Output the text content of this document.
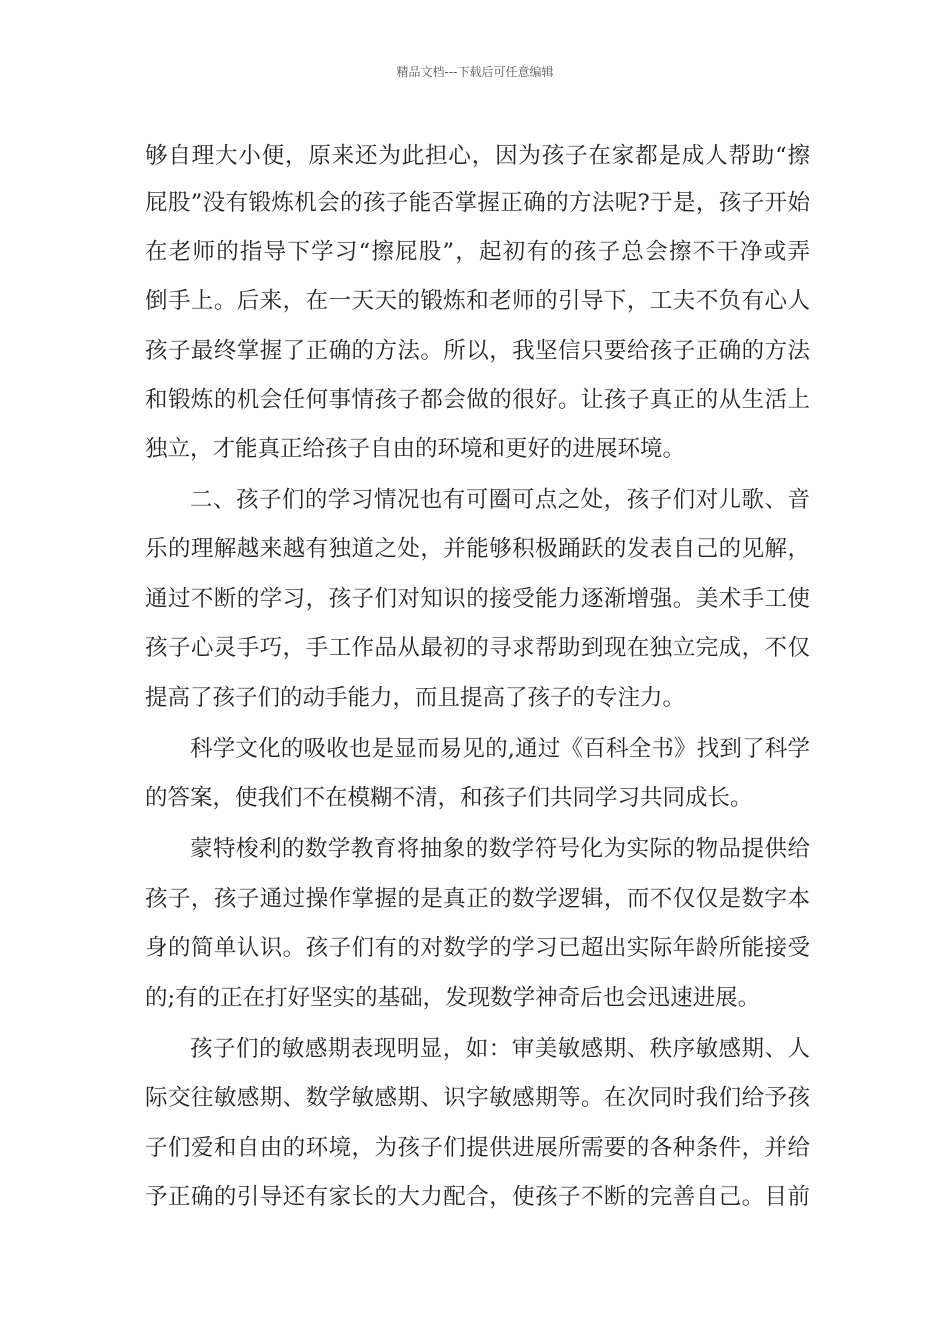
精品文档---下载后可任意编辑
够自理大小便，原来还为此担心，因为孩子在家都是成人帮助“擦
屁股”没有锻炼机会的孩子能否掌握正确的方法呢?于是，孩子开始
在老师的指导下学习“擦屁股”，起初有的孩子总会擦不干净或弄
倒手上。后来，在一天天的锻炼和老师的引导下，工夫不负有心人
孩子最终掌握了正确的方法。所以，我坚信只要给孩子正确的方法
和锻炼的机会任何事情孩子都会做的很好。让孩子真正的从生活上
独立，才能真正给孩子自由的环境和更好的进展环境。
二、孩子们的学习情况也有可圈可点之处，孩子们对儿歌、音
乐的理解越来越有独道之处，并能够积极踊跃的发表自己的见解，
通过不断的学习，孩子们对知识的接受能力逐渐增强。美术手工使
孩子心灵手巧，手工作品从最初的寻求帮助到现在独立完成，不仅
提高了孩子们的动手能力，而且提高了孩子的专注力。
科学文化的吸收也是显而易见的,通过《百科全书》找到了科学
的答案，使我们不在模糊不清，和孩子们共同学习共同成长。
蒙特梭利的数学教育将抽象的数学符号化为实际的物品提供给
孩子，孩子通过操作掌握的是真正的数学逻辑，而不仅仅是数字本
身的简单认识。孩子们有的对数学的学习已超出实际年龄所能接受
的;有的正在打好坚实的基础，发现数学神奇后也会迅速进展。
孩子们的敏感期表现明显，如：审美敏感期、秩序敏感期、人
际交往敏感期、数学敏感期、识字敏感期等。在次同时我们给予孩
子们爱和自由的环境，为孩子们提供进展所需要的各种条件，并给
予正确的引导还有家长的大力配合，使孩子不断的完善自己。目前
